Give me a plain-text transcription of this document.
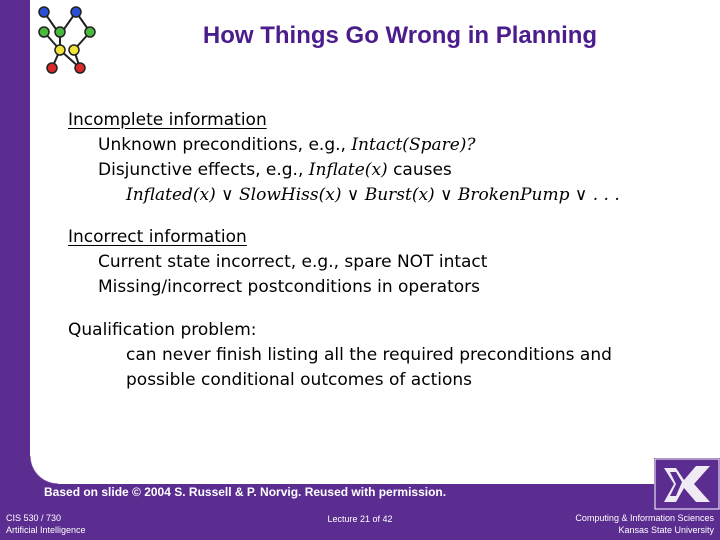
How Things Go Wrong in Planning
Incomplete information
Unknown preconditions, e.g., Intact(Spare)?
Disjunctive effects, e.g., Inflate(x) causes
Inflated(x) ∨ SlowHiss(x) ∨ Burst(x) ∨ BrokenPump ∨ . . .
Incorrect information
Current state incorrect, e.g., spare NOT intact
Missing/incorrect postconditions in operators
Qualification problem:
can never finish listing all the required preconditions and
possible conditional outcomes of actions
Based on slide © 2004 S. Russell & P. Norvig. Reused with permission.
CIS 530 / 730
Artificial Intelligence
Lecture 21 of 42	Computing & Information Sciences
Kansas State University
